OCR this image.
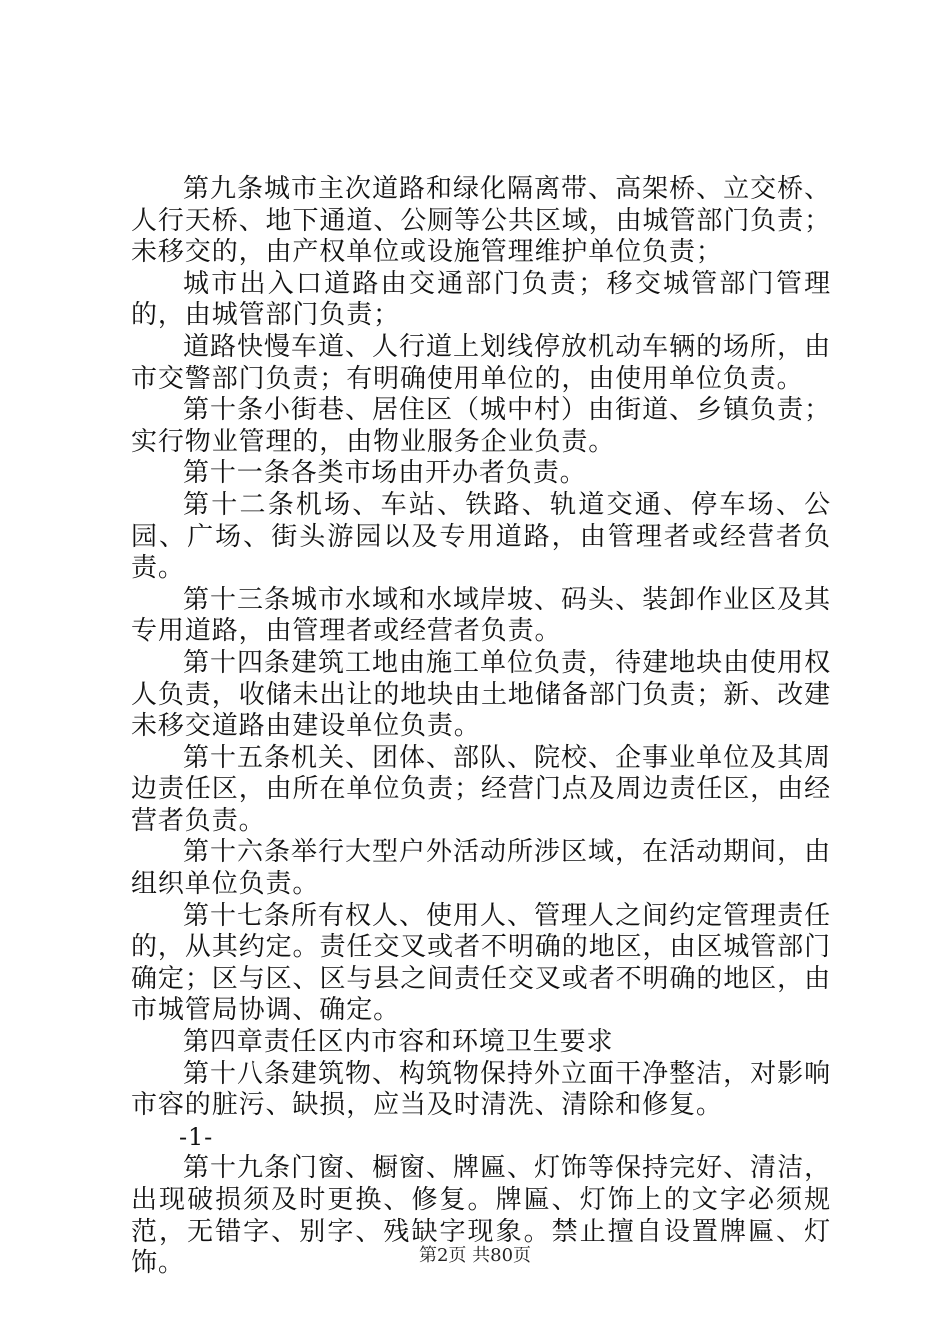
第九条城市主次道路和绿化隔离带、高架桥、立交桥、人行天桥、地下通道、公厕等公共区域，由城管部门负责；未移交的，由产权单位或设施管理维护单位负责；

城市出入口道路由交通部门负责；移交城管部门管理的，由城管部门负责；

道路快慢车道、人行道上划线停放机动车辆的场所，由市交警部门负责；有明确使用单位的，由使用单位负责。

第十条小街巷、居住区（城中村）由街道、乡镇负责；实行物业管理的，由物业服务企业负责。

第十一条各类市场由开办者负责。

第十二条机场、车站、铁路、轨道交通、停车场、公园、广场、街头游园以及专用道路，由管理者或经营者负责。

第十三条城市水域和水域岸坡、码头、装卸作业区及其专用道路，由管理者或经营者负责。

第十四条建筑工地由施工单位负责，待建地块由使用权人负责，收储未出让的地块由土地储备部门负责；新、改建未移交道路由建设单位负责。

第十五条机关、团体、部队、院校、企事业单位及其周边责任区，由所在单位负责；经营门点及周边责任区，由经营者负责。

第十六条举行大型户外活动所涉区域，在活动期间，由组织单位负责。

第十七条所有权人、使用人、管理人之间约定管理责任的，从其约定。责任交叉或者不明确的地区，由区城管部门确定；区与区、区与县之间责任交叉或者不明确的地区，由市城管局协调、确定。

第四章责任区内市容和环境卫生要求

第十八条建筑物、构筑物保持外立面干净整洁，对影响市容的脏污、缺损，应当及时清洗、清除和修复。

-1-

第十九条门窗、橱窗、牌匾、灯饰等保持完好、清洁，出现破损须及时更换、修复。牌匾、灯饰上的文字必须规范，无错字、别字、残缺字现象。禁止擅自设置牌匾、灯饰。	第2页 共80页
